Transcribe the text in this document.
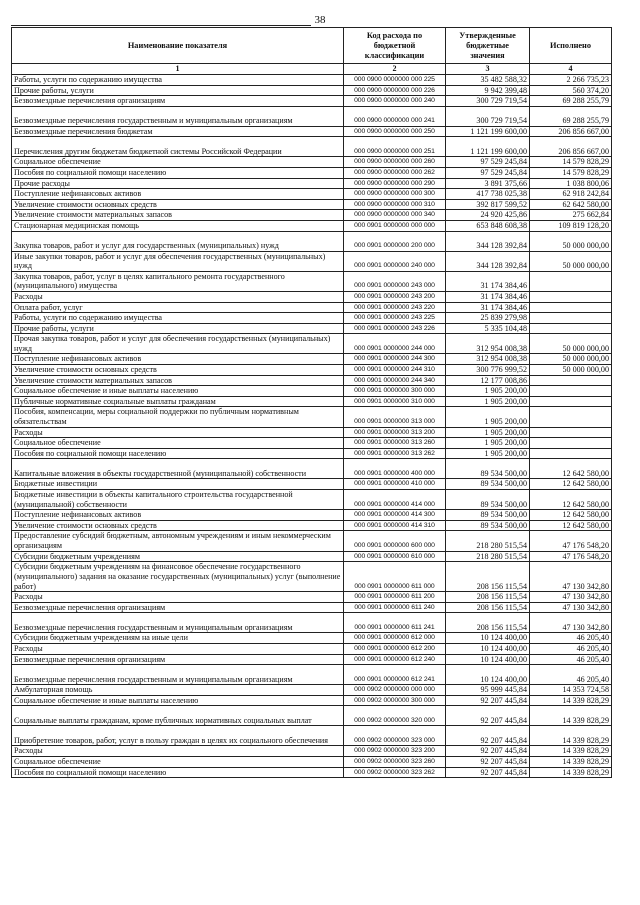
38
Наименование показателя	Код расхода по бюджетной классификации	Утвержденные бюджетные значения	Исполнено
1	2	3	4
Работы, услуги по содержанию имущества	000 0900 0000000 000 225	35 482 588,32	2 266 735,23
Прочие работы, услуги	000 0900 0000000 000 226	9 942 399,48	560 374,20
Безвозмездные перечисления организациям	000 0900 0000000 000 240	300 729 719,54	69 288 255,79
Безвозмездные перечисления государственным и муниципальным организациям	000 0900 0000000 000 241	300 729 719,54	69 288 255,79
Безвозмездные перечисления бюджетам	000 0900 0000000 000 250	1 121 199 600,00	206 856 667,00
Перечисления другим бюджетам бюджетной системы Российской Федерации	000 0900 0000000 000 251	1 121 199 600,00	206 856 667,00
Социальное обеспечение	000 0900 0000000 000 260	97 529 245,84	14 579 828,29
Пособия по социальной помощи населению	000 0900 0000000 000 262	97 529 245,84	14 579 828,29
Прочие расходы	000 0900 0000000 000 290	3 891 375,66	1 038 800,06
Поступление нефинансовых активов	000 0900 0000000 000 300	417 738 025,38	62 918 242,84
Увеличение стоимости основных средств	000 0900 0000000 000 310	392 817 599,52	62 642 580,00
Увеличение стоимости материальных запасов	000 0900 0000000 000 340	24 920 425,86	275 662,84
Стационарная медицинская помощь	000 0901 0000000 000 000	653 848 608,38	109 819 128,20
Закупка товаров, работ и услуг для государственных (муниципальных) нужд	000 0901 0000000 200 000	344 128 392,84	50 000 000,00
Иные закупки товаров, работ и услуг для обеспечения государственных (муниципальных) нужд	000 0901 0000000 240 000	344 128 392,84	50 000 000,00
Закупка товаров, работ, услуг в целях капитального ремонта государственного (муниципального) имущества	000 0901 0000000 243 000	31 174 384,46	
Расходы	000 0901 0000000 243 200	31 174 384,46	
Оплата работ, услуг	000 0901 0000000 243 220	31 174 384,46	
Работы, услуги по содержанию имущества	000 0901 0000000 243 225	25 839 279,98	
Прочие работы, услуги	000 0901 0000000 243 226	5 335 104,48	
Прочая закупка товаров, работ и услуг для обеспечения государственных (муниципальных) нужд	000 0901 0000000 244 000	312 954 008,38	50 000 000,00
Поступление нефинансовых активов	000 0901 0000000 244 300	312 954 008,38	50 000 000,00
Увеличение стоимости основных средств	000 0901 0000000 244 310	300 776 999,52	50 000 000,00
Увеличение стоимости материальных запасов	000 0901 0000000 244 340	12 177 008,86	
Социальное обеспечение и иные выплаты населению	000 0901 0000000 300 000	1 905 200,00	
Публичные нормативные социальные выплаты гражданам	000 0901 0000000 310 000	1 905 200,00	
Пособия, компенсации, меры социальной поддержки по публичным нормативным обязательствам	000 0901 0000000 313 000	1 905 200,00	
Расходы	000 0901 0000000 313 200	1 905 200,00	
Социальное обеспечение	000 0901 0000000 313 260	1 905 200,00	
Пособия по социальной помощи населению	000 0901 0000000 313 262	1 905 200,00	
Капитальные вложения в объекты государственной (муниципальной) собственности	000 0901 0000000 400 000	89 534 500,00	12 642 580,00
Бюджетные инвестиции	000 0901 0000000 410 000	89 534 500,00	12 642 580,00
Бюджетные инвестиции в объекты капитального строительства государственной (муниципальной) собственности	000 0901 0000000 414 000	89 534 500,00	12 642 580,00
Поступление нефинансовых активов	000 0901 0000000 414 300	89 534 500,00	12 642 580,00
Увеличение стоимости основных средств	000 0901 0000000 414 310	89 534 500,00	12 642 580,00
Предоставление субсидий бюджетным, автономным учреждениям и иным некоммерческим организациям	000 0901 0000000 600 000	218 280 515,54	47 176 548,20
Субсидии бюджетным учреждениям	000 0901 0000000 610 000	218 280 515,54	47 176 548,20
Субсидии бюджетным учреждениям на финансовое обеспечение государственного (муниципального) задания на оказание государственных (муниципальных) услуг (выполнение работ)	000 0901 0000000 611 000	208 156 115,54	47 130 342,80
Расходы	000 0901 0000000 611 200	208 156 115,54	47 130 342,80
Безвозмездные перечисления организациям	000 0901 0000000 611 240	208 156 115,54	47 130 342,80
Безвозмездные перечисления государственным и муниципальным организациям	000 0901 0000000 611 241	208 156 115,54	47 130 342,80
Субсидии бюджетным учреждениям на иные цели	000 0901 0000000 612 000	10 124 400,00	46 205,40
Расходы	000 0901 0000000 612 200	10 124 400,00	46 205,40
Безвозмездные перечисления организациям	000 0901 0000000 612 240	10 124 400,00	46 205,40
Безвозмездные перечисления государственным и муниципальным организациям	000 0901 0000000 612 241	10 124 400,00	46 205,40
Амбулаторная помощь	000 0902 0000000 000 000	95 999 445,84	14 353 724,58
Социальное обеспечение и иные выплаты населению	000 0902 0000000 300 000	92 207 445,84	14 339 828,29
Социальные выплаты гражданам, кроме публичных нормативных социальных выплат	000 0902 0000000 320 000	92 207 445,84	14 339 828,29
Приобретение товаров, работ, услуг в пользу граждан в целях их социального обеспечения	000 0902 0000000 323 000	92 207 445,84	14 339 828,29
Расходы	000 0902 0000000 323 200	92 207 445,84	14 339 828,29
Социальное обеспечение	000 0902 0000000 323 260	92 207 445,84	14 339 828,29
Пособия по социальной помощи населению	000 0902 0000000 323 262	92 207 445,84	14 339 828,29
